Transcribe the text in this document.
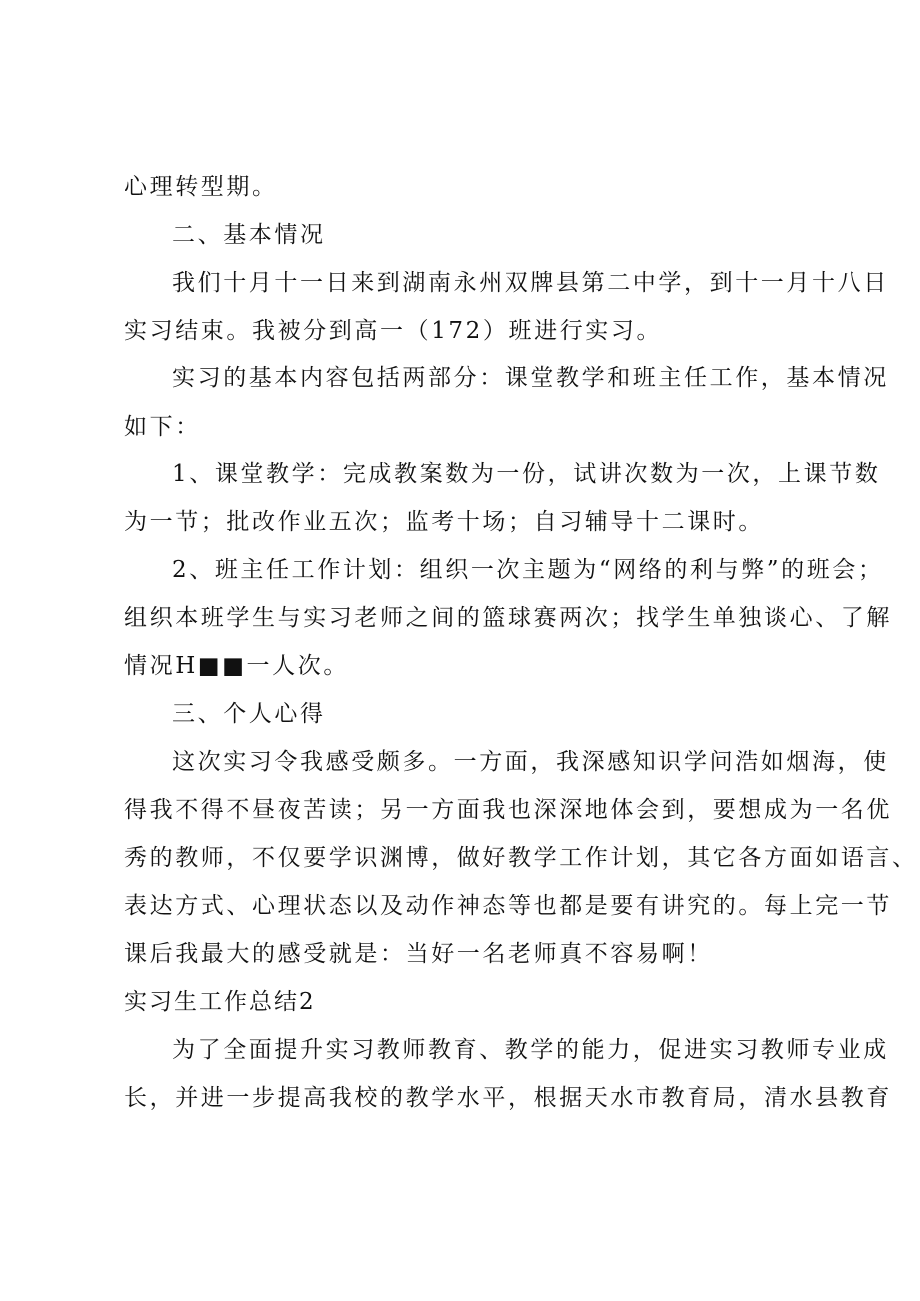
心理转型期。
二、基本情况
我们十月十一日来到湖南永州双牌县第二中学，到十一月十八日
实习结束。我被分到高一（172）班进行实习。
实习的基本内容包括两部分：课堂教学和班主任工作，基本情况
如下：
1、课堂教学：完成教案数为一份，试讲次数为一次，上课节数
为一节；批改作业五次；监考十场；自习辅导十二课时。
2、班主任工作计划：组织一次主题为“网络的利与弊”的班会；
组织本班学生与实习老师之间的篮球赛两次；找学生单独谈心、了解
情况H■■一人次。
三、个人心得
这次实习令我感受颇多。一方面，我深感知识学问浩如烟海，使
得我不得不昼夜苦读；另一方面我也深深地体会到，要想成为一名优
秀的教师，不仅要学识渊博，做好教学工作计划，其它各方面如语言、
表达方式、心理状态以及动作神态等也都是要有讲究的。每上完一节
课后我最大的感受就是：当好一名老师真不容易啊！
实习生工作总结2
为了全面提升实习教师教育、教学的能力，促进实习教师专业成
长，并进一步提高我校的教学水平，根据天水市教育局，清水县教育
